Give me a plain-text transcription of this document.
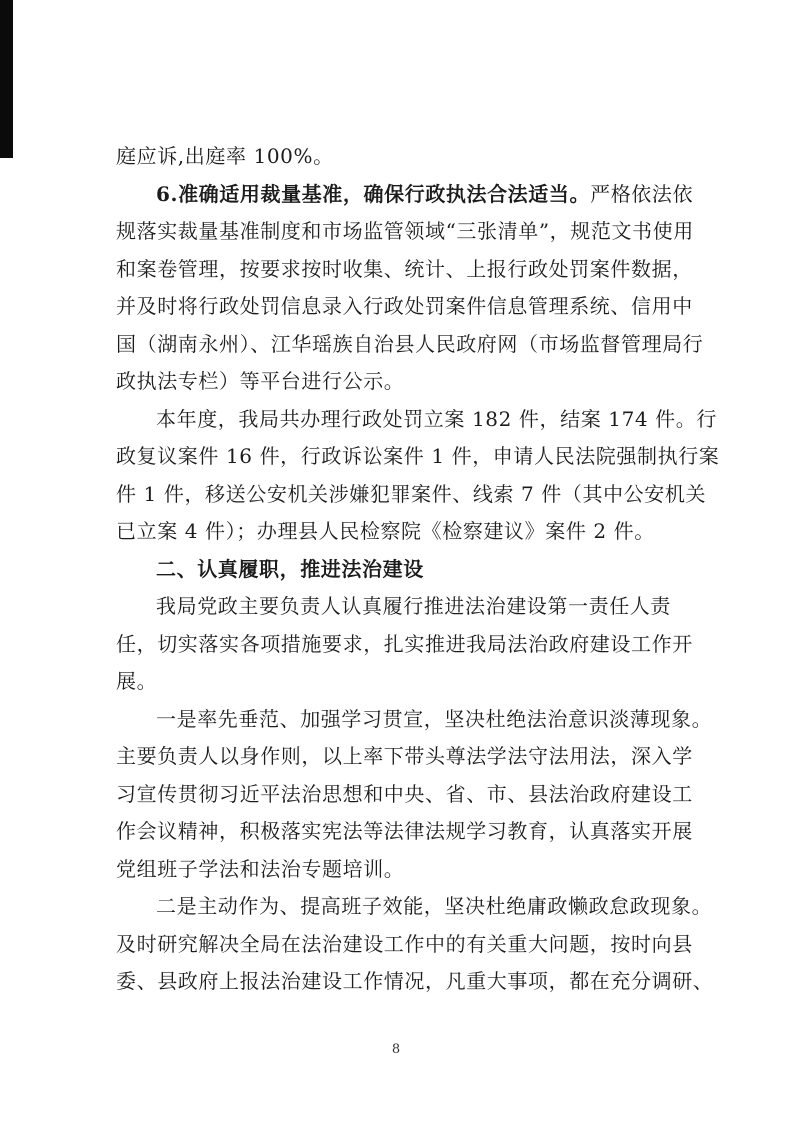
庭应诉,出庭率 100%。
6.准确适用裁量基准，确保行政执法合法适当。严格依法依
规落实裁量基准制度和市场监管领域“三张清单”，规范文书使用
和案卷管理，按要求按时收集、统计、上报行政处罚案件数据，
并及时将行政处罚信息录入行政处罚案件信息管理系统、信用中
国（湖南永州）、江华瑶族自治县人民政府网（市场监督管理局行
政执法专栏）等平台进行公示。
本年度，我局共办理行政处罚立案 182 件，结案 174 件。行
政复议案件 16 件，行政诉讼案件 1 件，申请人民法院强制执行案
件 1 件，移送公安机关涉嫌犯罪案件、线索 7 件（其中公安机关
已立案 4 件）；办理县人民检察院《检察建议》案件 2 件。
二、认真履职，推进法治建设
我局党政主要负责人认真履行推进法治建设第一责任人责
任，切实落实各项措施要求，扎实推进我局法治政府建设工作开
展。
一是率先垂范、加强学习贯宣，坚决杜绝法治意识淡薄现象。
主要负责人以身作则，以上率下带头尊法学法守法用法，深入学
习宣传贯彻习近平法治思想和中央、省、市、县法治政府建设工
作会议精神，积极落实宪法等法律法规学习教育，认真落实开展
党组班子学法和法治专题培训。
二是主动作为、提高班子效能，坚决杜绝庸政懒政怠政现象。
及时研究解决全局在法治建设工作中的有关重大问题，按时向县
委、县政府上报法治建设工作情况，凡重大事项，都在充分调研、
8
